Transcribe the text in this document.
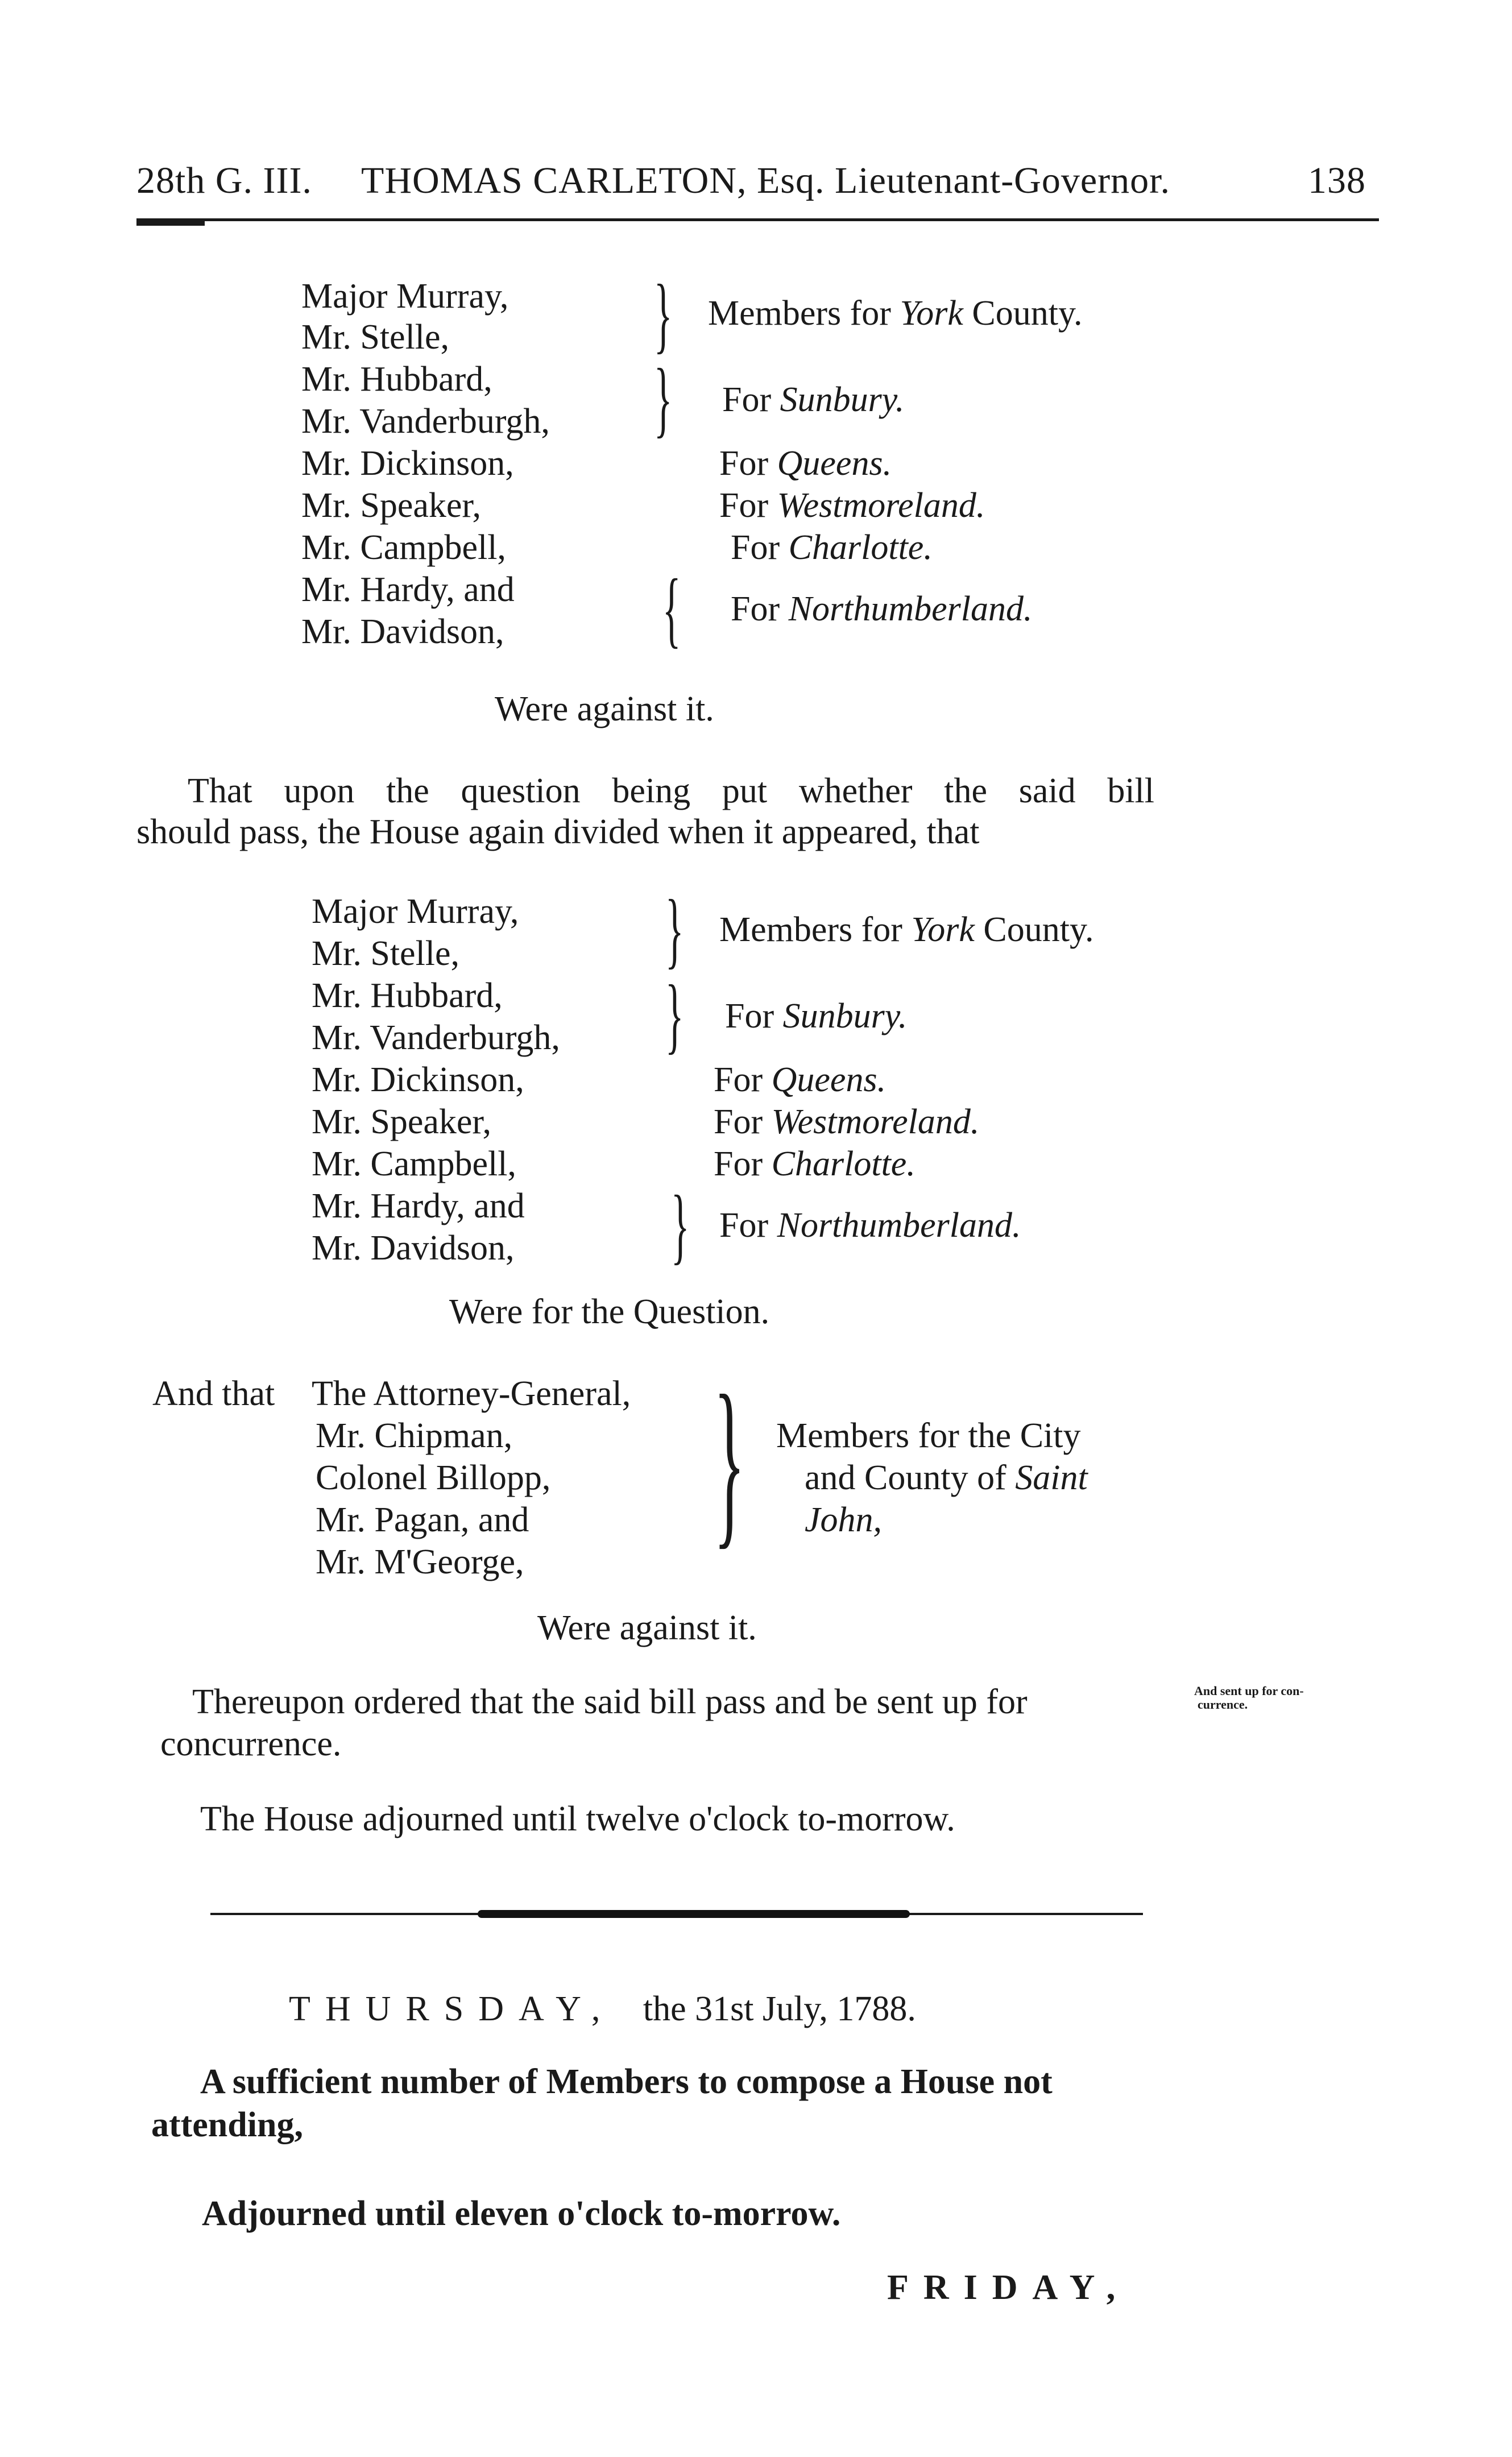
28th G. III. THOMAS CARLETON, Esq. Lieutenant-Governor.	138
Major Murray,
Mr. Stelle,
Mr. Hubbard,
Mr. Vanderburgh,
Mr. Dickinson,
Mr. Speaker,
Mr. Campbell,
Mr. Hardy, and
Mr. Davidson,
}
}
{
Members for York County.
For Sunbury.
For Queens.
For Westmoreland.
For Charlotte.
For Northumberland.
Were against it.
That upon the question being put whether the said bill
should pass, the House again divided when it appeared, that
Major Murray,
Mr. Stelle,
Mr. Hubbard,
Mr. Vanderburgh,
Mr. Dickinson,
Mr. Speaker,
Mr. Campbell,
Mr. Hardy, and
Mr. Davidson,
}
}
}
Members for York County.
For Sunbury.
For Queens.
For Westmoreland.
For Charlotte.
For Northumberland.
Were for the Question.
And that The Attorney-General,
Mr. Chipman,
Colonel Billopp,
Mr. Pagan, and
Mr. M'George, } Members for the City
and County of Saint
John,
Were against it.
Thereupon ordered that the said bill pass and be sent up for
concurrence.
And sent up for con-
currence.
The House adjourned until twelve o'clock to-morrow.
THURSDAY, the 31st July, 1788.
A sufficient number of Members to compose a House not
attending,
Adjourned until eleven o'clock to-morrow.
FRIDAY,
